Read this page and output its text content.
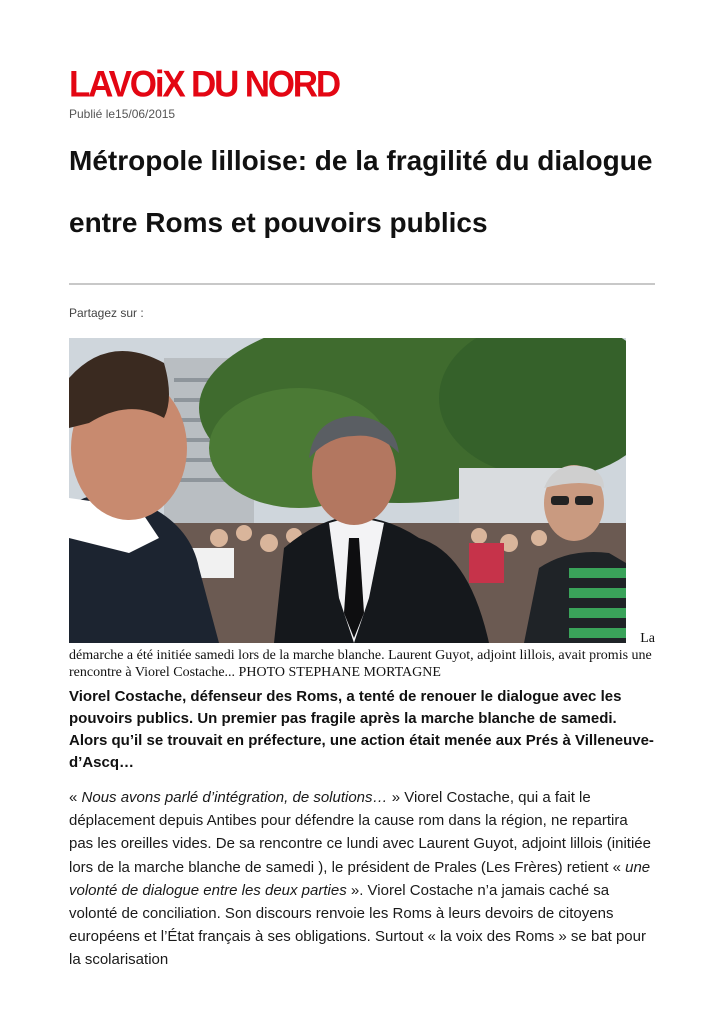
LAVOiX DU NORD
Publié le15/06/2015
Métropole lilloise: de la fragilité du dialogue entre Roms et pouvoirs publics
Partagez sur :
La
démarche a été initiée samedi lors de la marche blanche. Laurent Guyot, adjoint lillois, avait promis une rencontre à Viorel Costache... PHOTO STEPHANE MORTAGNE

Viorel Costache, défenseur des Roms, a tenté de renouer le dialogue avec les pouvoirs publics. Un premier pas fragile après la marche blanche de samedi. Alors qu’il se trouvait en préfecture, une action était menée aux Prés à Villeneuve-d’Ascq…

« Nous avons parlé d’intégration, de solutions… » Viorel Costache, qui a fait le déplacement depuis Antibes pour défendre la cause rom dans la région, ne repartira pas les oreilles vides. De sa rencontre ce lundi avec Laurent Guyot, adjoint lillois (initiée lors de la marche blanche de samedi ), le président de Prales (Les Frères) retient « une volonté de dialogue entre les deux parties ». Viorel Costache n’a jamais caché sa volonté de conciliation. Son discours renvoie les Roms à leurs devoirs de citoyens européens et l’État français à ses obligations. Surtout « la voix des Roms » se bat pour la scolarisation
